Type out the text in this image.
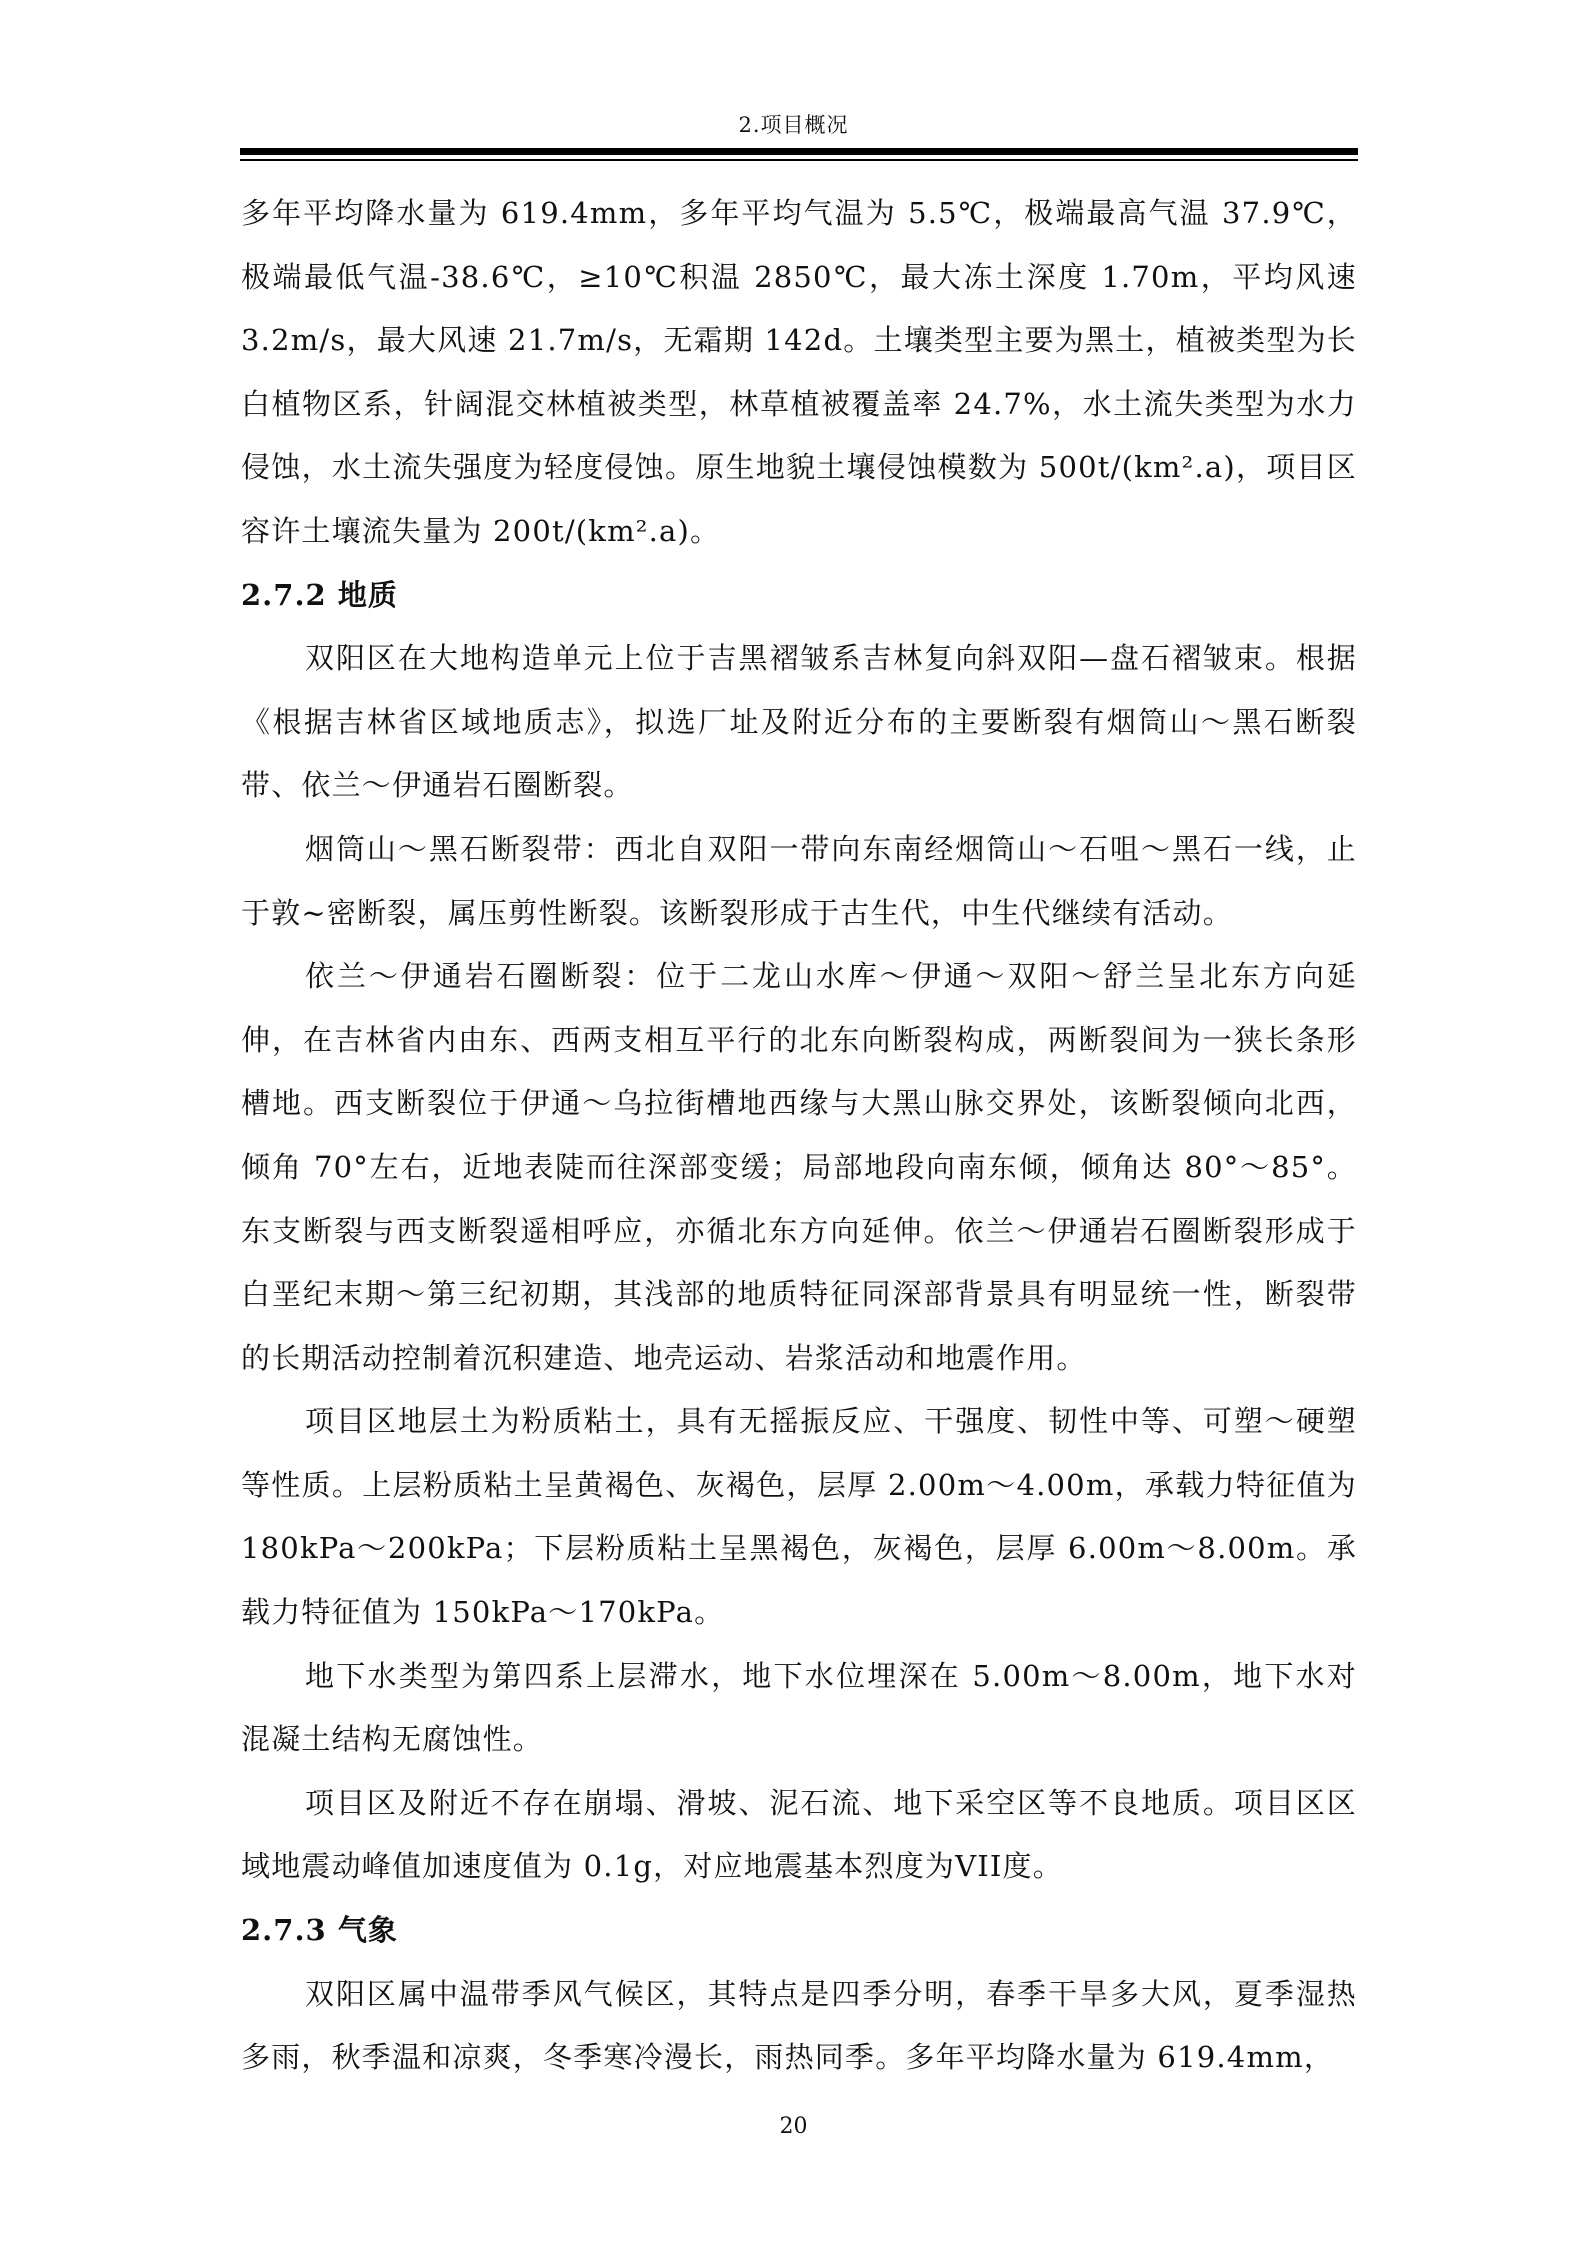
2.项目概况

多年平均降水量为 619.4mm，多年平均气温为 5.5℃，极端最高气温 37.9℃，极端最低气温-38.6℃，≥10℃积温 2850℃，最大冻土深度 1.70m，平均风速 3.2m/s，最大风速 21.7m/s，无霜期 142d。土壤类型主要为黑土，植被类型为长白植物区系，针阔混交林植被类型，林草植被覆盖率 24.7%，水土流失类型为水力侵蚀，水土流失强度为轻度侵蚀。原生地貌土壤侵蚀模数为 500t/(km².a)，项目区容许土壤流失量为 200t/(km².a)。

2.7.2 地质

双阳区在大地构造单元上位于吉黑褶皱系吉林复向斜双阳—盘石褶皱束。根据《根据吉林省区域地质志》，拟选厂址及附近分布的主要断裂有烟筒山～黑石断裂带、依兰～伊通岩石圈断裂。

烟筒山～黑石断裂带：西北自双阳一带向东南经烟筒山～石咀～黑石一线，止于敦~密断裂，属压剪性断裂。该断裂形成于古生代，中生代继续有活动。

依兰～伊通岩石圈断裂：位于二龙山水库～伊通～双阳～舒兰呈北东方向延伸，在吉林省内由东、西两支相互平行的北东向断裂构成，两断裂间为一狭长条形槽地。西支断裂位于伊通～乌拉街槽地西缘与大黑山脉交界处，该断裂倾向北西，倾角 70°左右，近地表陡而往深部变缓；局部地段向南东倾，倾角达 80°～85°。东支断裂与西支断裂遥相呼应，亦循北东方向延伸。依兰～伊通岩石圈断裂形成于白垩纪末期～第三纪初期，其浅部的地质特征同深部背景具有明显统一性，断裂带的长期活动控制着沉积建造、地壳运动、岩浆活动和地震作用。

项目区地层土为粉质粘土，具有无摇振反应、干强度、韧性中等、可塑～硬塑等性质。上层粉质粘土呈黄褐色、灰褐色，层厚 2.00m～4.00m，承载力特征值为 180kPa～200kPa；下层粉质粘土呈黑褐色，灰褐色，层厚 6.00m～8.00m。承载力特征值为 150kPa～170kPa。

地下水类型为第四系上层滞水，地下水位埋深在 5.00m～8.00m，地下水对混凝土结构无腐蚀性。

项目区及附近不存在崩塌、滑坡、泥石流、地下采空区等不良地质。项目区区域地震动峰值加速度值为 0.1g，对应地震基本烈度为VII度。

2.7.3 气象

双阳区属中温带季风气候区，其特点是四季分明，春季干旱多大风，夏季湿热多雨，秋季温和凉爽，冬季寒冷漫长，雨热同季。多年平均降水量为 619.4mm，

20
